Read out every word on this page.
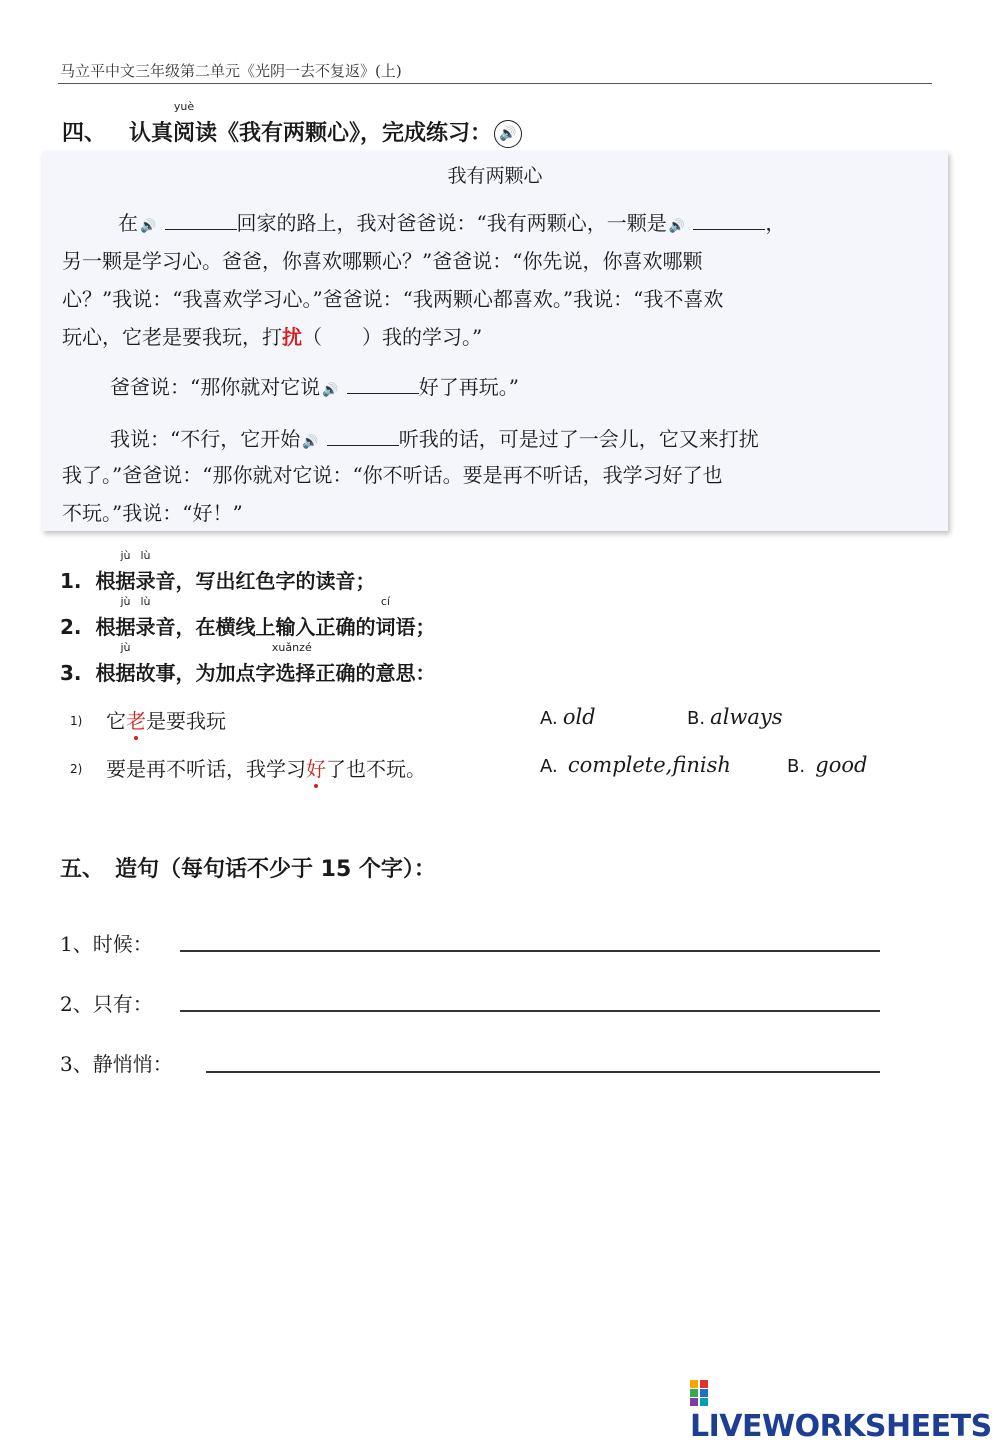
马立平中文三年级第二单元《光阴一去不复返》(上)
四、 认真
yuè
阅读《我有两颗心》，完成练习： 🔊
我有两颗心
在 🔊	回家的路上，我对爸爸说：“我有两颗心，一颗是 🔊	，
另一颗是学习心。爸爸，你喜欢哪颗心？”爸爸说：“你先说，你喜欢哪颗
心？”我说：“我喜欢学习心。”爸爸说：“我两颗心都喜欢。”我说：“我不喜欢
玩心，它老是要我玩，打扰（　　）我的学习。”
爸爸说：“那你就对它说 🔊	好了再玩。”
我说：“不行，它开始 🔊	听我的话，可是过了一会儿，它又来打扰
我了。”爸爸说：“那你就对它说：“你不听话。要是再不听话，我学习好了也
不玩。”我说：“好！”
1. 根
jù
据
lù
录音，写出红色字的读音；
2. 根
jù
据
lù
录音，在横线上输入正确的
cí
词语；
3. 根
jù
据故事，为加点字
xuǎn
选
zé
择正确的意思：
1) 它老是要我玩	A. old	B. always
2) 要是再不听话，我学习好了也不玩。	A. complete,finish	B. good
五、　造句（每句话不少于 15 个字）：
1、时候：
2、只有：
3、静悄悄：
LIVEWORKSHEETS
